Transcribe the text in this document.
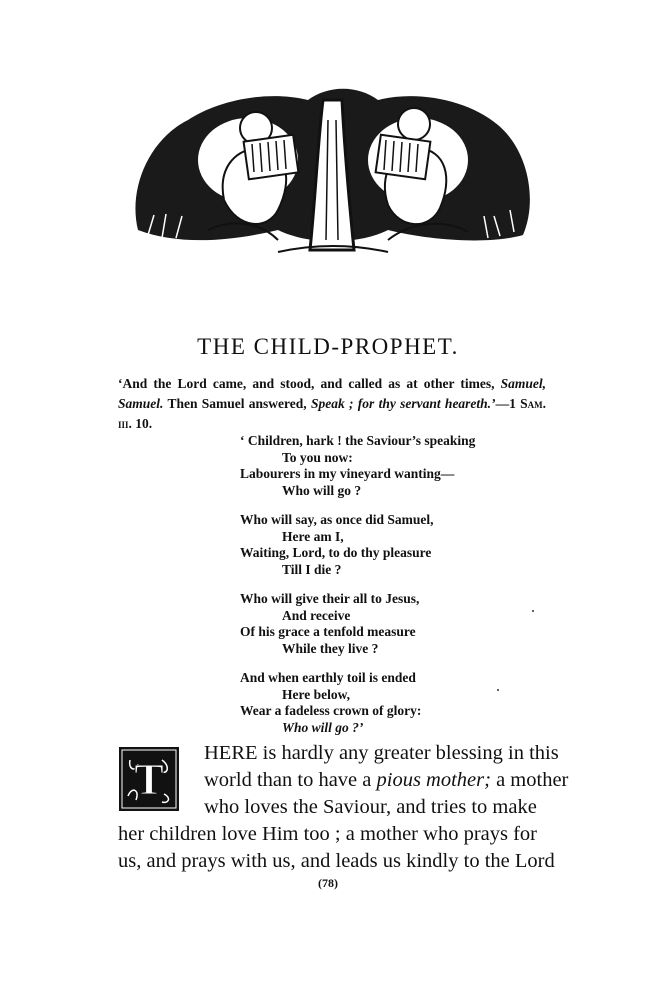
THE CHILD-PROPHET.
‘And the Lord came, and stood, and called as at other times, Samuel, Samuel. Then Samuel answered, Speak ; for thy servant heareth.’—1 Sam. iii. 10.
‘ Children, hark ! the Saviour’s speaking
To you now:
Labourers in my vineyard wanting—
Who will go ?
Who will say, as once did Samuel,
Here am I,
Waiting, Lord, to do thy pleasure
Till I die ?
Who will give their all to Jesus,
And receive
Of his grace a tenfold measure
While they live ?
And when earthly toil is ended
Here below,
Wear a fadeless crown of glory:
Who will go ?’
T
HERE is hardly any greater blessing in this
world than to have a pious mother; a mother
who loves the Saviour, and tries to make
her children love Him too ; a mother who prays for
us, and prays with us, and leads us kindly to the Lord
(78)
